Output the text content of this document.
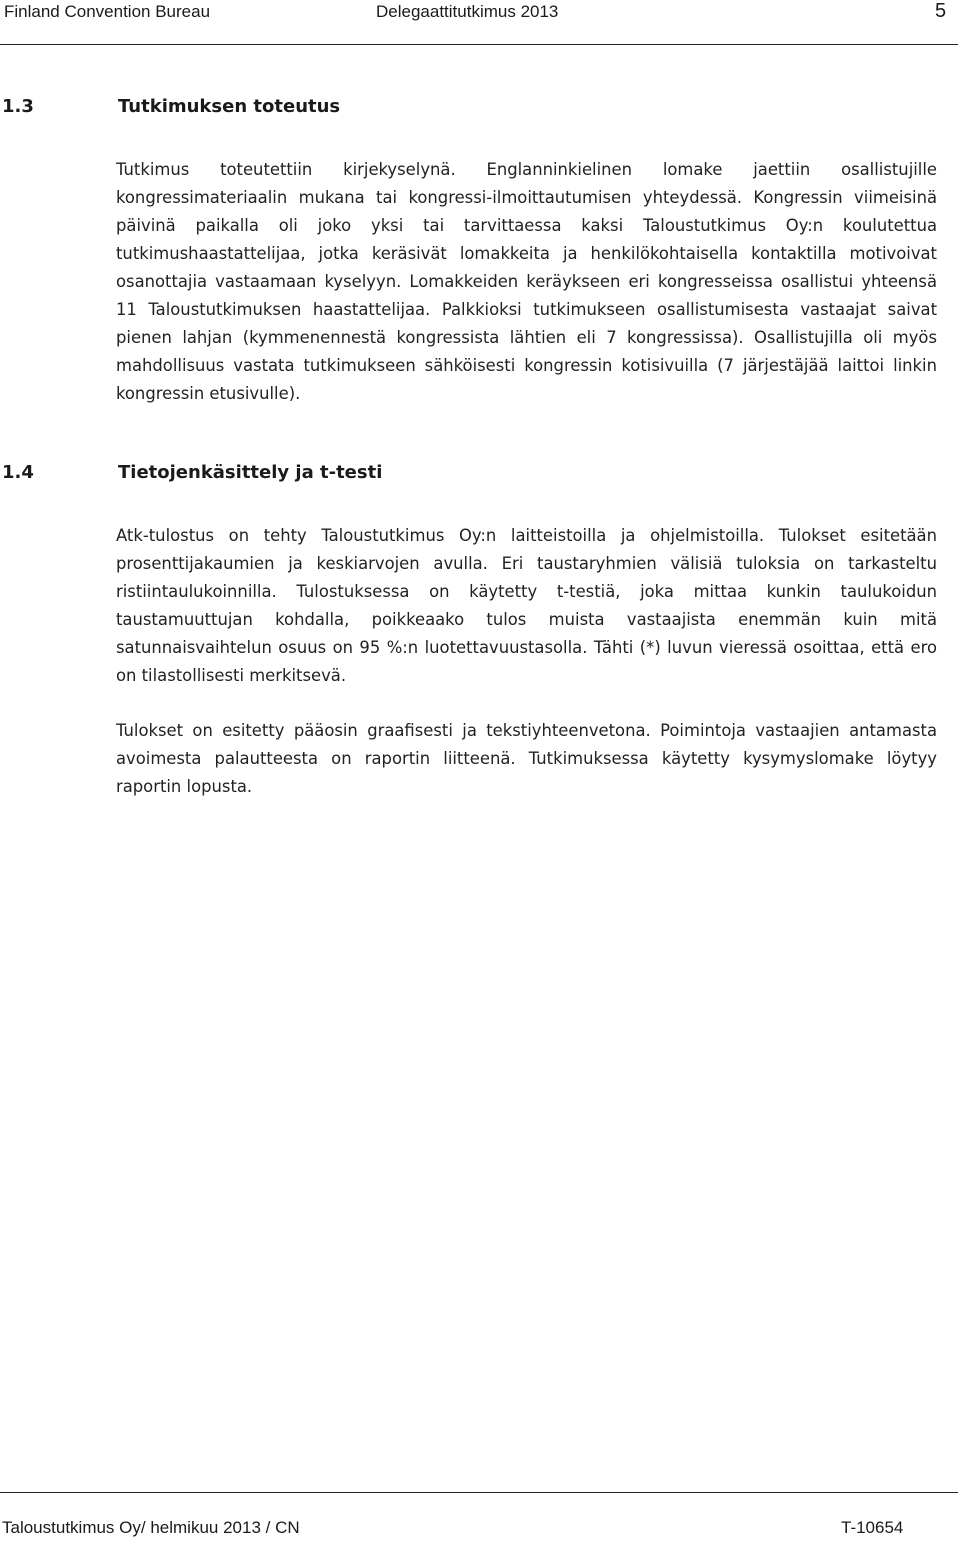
Finland Convention Bureau	Delegaattitutkimus 2013	5
1.3	Tutkimuksen toteutus

Tutkimus toteutettiin kirjekyselynä. Englanninkielinen lomake jaettiin osallistujille kongressimateriaalin mukana tai kongressi-ilmoittautumisen yhteydessä. Kongressin viimeisinä päivinä paikalla oli joko yksi tai tarvittaessa kaksi Taloustutkimus Oy:n koulutettua tutkimushaastattelijaa, jotka keräsivät lomakkeita ja henkilökohtaisella kontaktilla motivoivat osanottajia vastaamaan kyselyyn. Lomakkeiden keräykseen eri kongresseissa osallistui yhteensä 11 Taloustutkimuksen haastattelijaa. Palkkioksi tutkimukseen osallistumisesta vastaajat saivat pienen lahjan (kymmenennestä kongressista lähtien eli 7 kongressissa). Osallistujilla oli myös mahdollisuus vastata tutkimukseen sähköisesti kongressin kotisivuilla (7 järjestäjää laittoi linkin kongressin etusivulle).

1.4	Tietojenkäsittely ja t-testi

Atk-tulostus on tehty Taloustutkimus Oy:n laitteistoilla ja ohjelmistoilla. Tulokset esitetään prosenttijakaumien ja keskiarvojen avulla. Eri taustaryhmien välisiä tuloksia on tarkasteltu ristiintaulukoinnilla. Tulostuksessa on käytetty t-testiä, joka mittaa kunkin taulukoidun taustamuuttujan kohdalla, poikkeaako tulos muista vastaajista enemmän kuin mitä satunnaisvaihtelun osuus on 95 %:n luotettavuustasolla. Tähti (*) luvun vieressä osoittaa, että ero on tilastollisesti merkitsevä.

Tulokset on esitetty pääosin graafisesti ja tekstiyhteenvetona. Poimintoja vastaajien antamasta avoimesta palautteesta on raportin liitteenä. Tutkimuksessa käytetty kysymyslomake löytyy raportin lopusta.

Taloustutkimus Oy/ helmikuu 2013 / CN	T-10654
